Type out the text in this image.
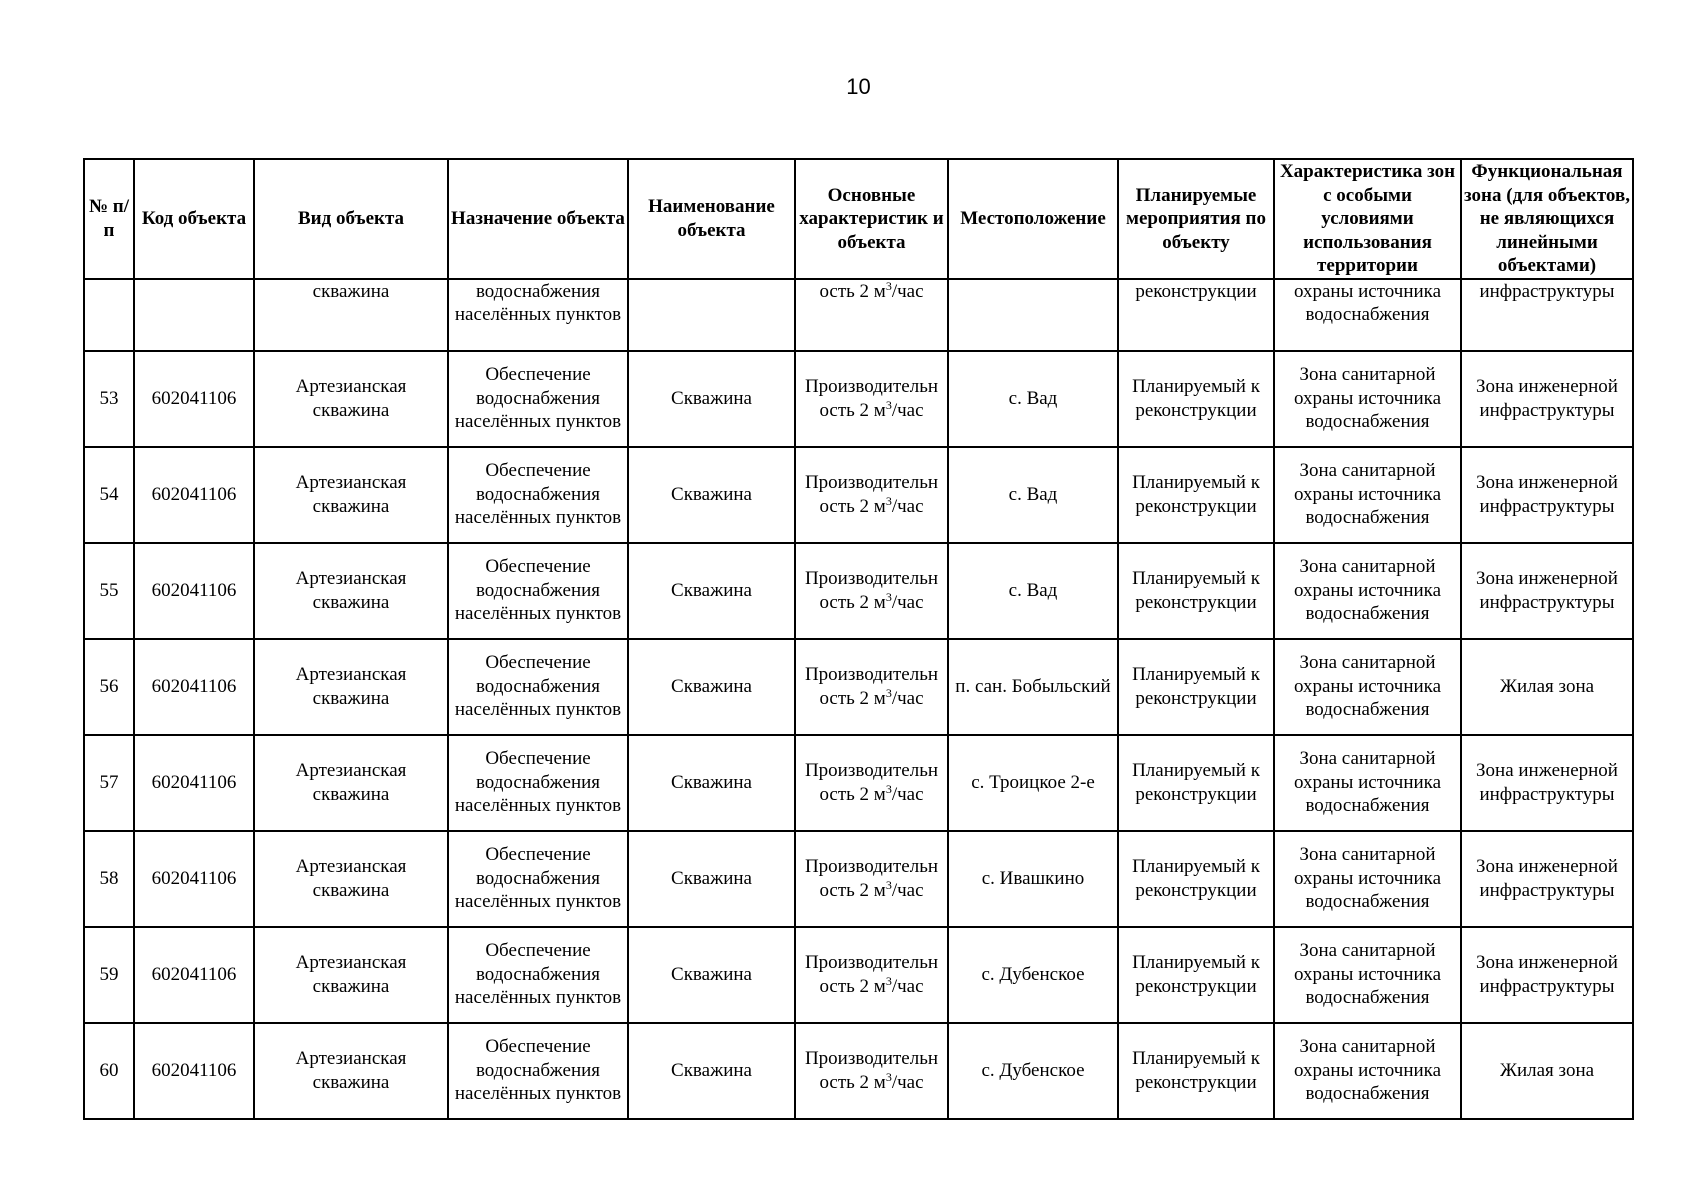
10
№ п/п	Код объекта	Вид объекта	Назначение объекта	Наименование объекта	Основные характеристик и объекта	Местоположение	Планируемые мероприятия по объекту	Характеристика зон с особыми условиями использования территории	Функциональная зона (для объектов, не являющихся линейными объектами)
		скважина	водоснабжения населённых пунктов		ость 2 $м^3$/час		реконструкции	охраны источника водоснабжения	инфраструктуры
53	602041106	Артезианская скважина	Обеспечение водоснабжения населённых пунктов	Скважина	Производительн ость 2 $м^3$/час	с. Вад	Планируемый к реконструкции	Зона санитарной охраны источника водоснабжения	Зона инженерной инфраструктуры
54	602041106	Артезианская скважина	Обеспечение водоснабжения населённых пунктов	Скважина	Производительн ость 2 $м^3$/час	с. Вад	Планируемый к реконструкции	Зона санитарной охраны источника водоснабжения	Зона инженерной инфраструктуры
55	602041106	Артезианская скважина	Обеспечение водоснабжения населённых пунктов	Скважина	Производительн ость 2 $м^3$/час	с. Вад	Планируемый к реконструкции	Зона санитарной охраны источника водоснабжения	Зона инженерной инфраструктуры
56	602041106	Артезианская скважина	Обеспечение водоснабжения населённых пунктов	Скважина	Производительн ость 2 $м^3$/час	п. сан. Бобыльский	Планируемый к реконструкции	Зона санитарной охраны источника водоснабжения	Жилая зона
57	602041106	Артезианская скважина	Обеспечение водоснабжения населённых пунктов	Скважина	Производительн ость 2 $м^3$/час	с. Троицкое 2-е	Планируемый к реконструкции	Зона санитарной охраны источника водоснабжения	Зона инженерной инфраструктуры
58	602041106	Артезианская скважина	Обеспечение водоснабжения населённых пунктов	Скважина	Производительн ость 2 $м^3$/час	с. Ивашкино	Планируемый к реконструкции	Зона санитарной охраны источника водоснабжения	Зона инженерной инфраструктуры
59	602041106	Артезианская скважина	Обеспечение водоснабжения населённых пунктов	Скважина	Производительн ость 2 $м^3$/час	с. Дубенское	Планируемый к реконструкции	Зона санитарной охраны источника водоснабжения	Зона инженерной инфраструктуры
60	602041106	Артезианская скважина	Обеспечение водоснабжения населённых пунктов	Скважина	Производительн ость 2 $м^3$/час	с. Дубенское	Планируемый к реконструкции	Зона санитарной охраны источника водоснабжения	Жилая зона
